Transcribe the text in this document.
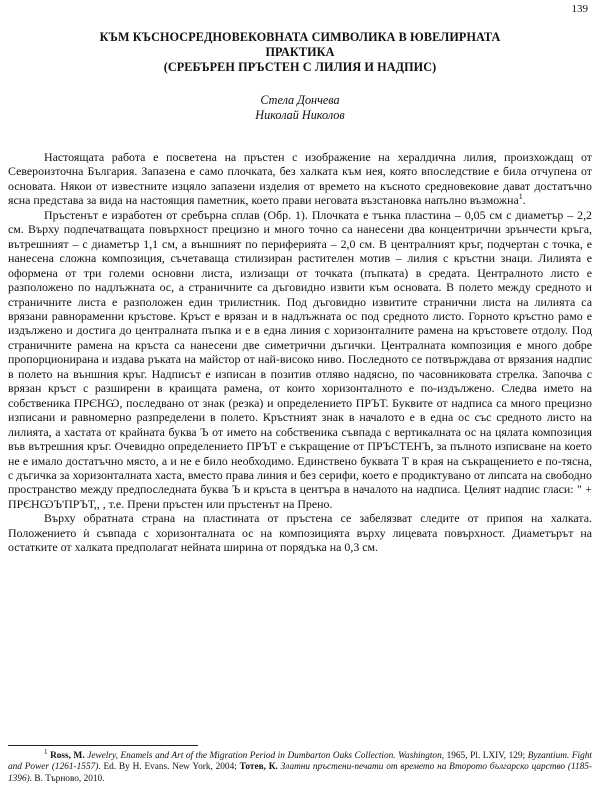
139
КЪМ КЪСНОСРЕДНОВЕКОВНАТА СИМВОЛИКА В ЮВЕЛИРНАТА
ПРАКТИКА
(СРЕБЪРЕН ПРЪСТЕН С ЛИЛИЯ И НАДПИС)
Стела Дончева
Николай Николов

Настоящата работа е посветена на пръстен с изображение на хералдична лилия, произхождащ от Североизточна България. Запазена е само плочката, без халката към нея, която впоследствие е била отчупена от основата. Някои от известните изцяло запазени изделия от времето на късното средновековие дават достатъчно ясна представа за вида на настоящия паметник, което прави неговата възстановка напълно възможна$^1$.

Пръстенът е изработен от сребърна сплав (Обр. 1). Плочката е тънка пластина – 0,05 см с диаметър – 2,2 см. Върху подпечатващата повърхност прецизно и много точно са нанесени два концентрични зрънчести кръга, вътрешният – с диаметър 1,1 см, а външният по периферията – 2,0 см. В централният кръг, подчертан с точка, е нанесена сложна композиция, съчетаваща стилизиран растителен мотив – лилия с кръстни знаци. Лилията е оформена от три големи основни листа, излизащи от точката (пъпката) в средата. Централното листо е разположено по надлъжната ос, а страничните са дъговидно извити към основата. В полето между средното и страничните листа е разположен един трилистник. Под дъговидно извитите странични листа на лилията са врязани равнораменни кръстове. Кръст е врязан и в надлъжната ос под средното листо. Горното кръстно рамо е издължено и достига до централната пъпка и е в една линия с хоризонталните рамена на кръстовете отдолу. Под страничните рамена на кръста са нанесени две симетрични дъгички. Централната композиция е много добре пропорционирана и издава ръката на майстор от най-високо ниво. Последното се потвърждава от врязания надпис в полето на външния кръг. Надписът е изписан в позитив отляво надясно, по часовниковата стрелка. Започва с врязан кръст с разширени в краищата рамена, от които хоризонталното е по-издължено. Следва името на собственика ПРЄНѠ, последвано от знак (резка) и определението ПРЪТ. Буквите от надписа са много прецизно изписани и равномерно разпределени в полето. Кръстният знак в началото е в една ос със средното листо на лилията, а хастата от крайната буква Ъ от името на собственика съвпада с вертикалната ос на цялата композиция във вътрешния кръг. Очевидно определението ПРЪТ е съкращение от ПРЪСТЕНЪ, за пълното изписване на което не е имало достатъчно място, а и не е било необходимо. Единственo буквата Т в края на съкращението е по-тясна, с дъгичка за хоризонталната хаста, вместо права линия и без серифи, което е продиктувано от липсата на свободно пространство между предпоследната буква Ъ и кръста в центъра в началото на надписа. Целият надпис гласи: " + ПРЄНѠЪ'ПРЪТ,, , т.е. Прени пръстен или пръстенът на Прено.

Върху обратната страна на пластината от пръстена се забелязват следите от припоя на халката. Положението ѝ съвпада с хоризонталната ос на композицията върху лицевата повърхност. Диаметърът на остатките от халката предполагат нейната ширина от порядъка на 0,3 см.

$^1$ Ross, M. Jewelry, Enamels and Art of the Migration Period in Dumbarton Oaks Collection. Washington, 1965, Pl. LXIV, 129; Byzantium. Fight and Power (1261-1557). Ed. By H. Evans. New York, 2004; Тотев, К. Златни пръстени-печати от времето на Второто българско царство (1185-1396). В. Търново, 2010.
